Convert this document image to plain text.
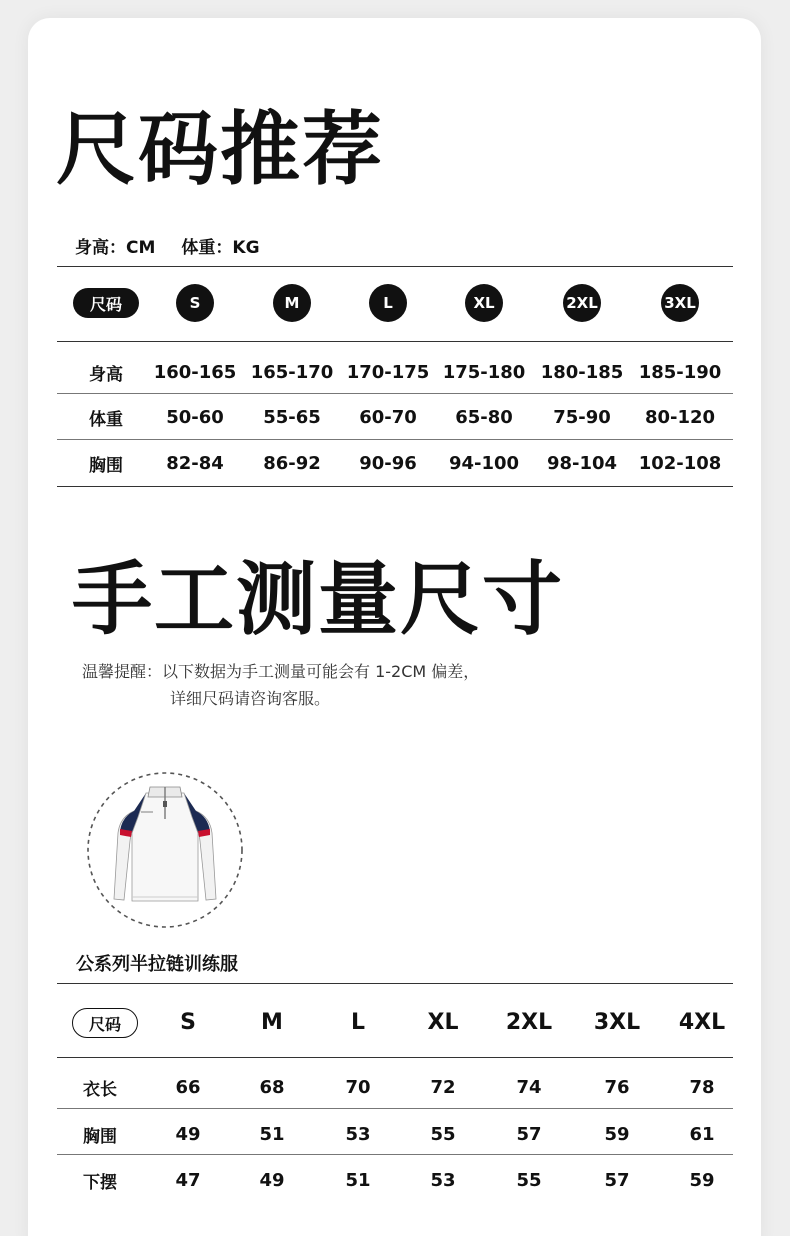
尺码推荐
身高：CM 体重：KG
尺码	S	M	L	XL	2XL	3XL
身高	160-165 165-170 170-175 175-180 180-185 185-190
体重	50-60	55-65	60-70	65-80	75-90	80-120
胸围	82-84	86-92	90-96	94-100	98-104	102-108
手工测量尺寸
温馨提醒：以下数据为手工测量可能会有 1-2CM 偏差，
详细尺码请咨询客服。
公系列半拉链训练服
尺码	S	M	L	XL	2XL	3XL	4XL
衣长	66	68	70	72	74	76	78
胸围	49	51	53	55	57	59	61
下摆	47	49	51	53	55	57	59
